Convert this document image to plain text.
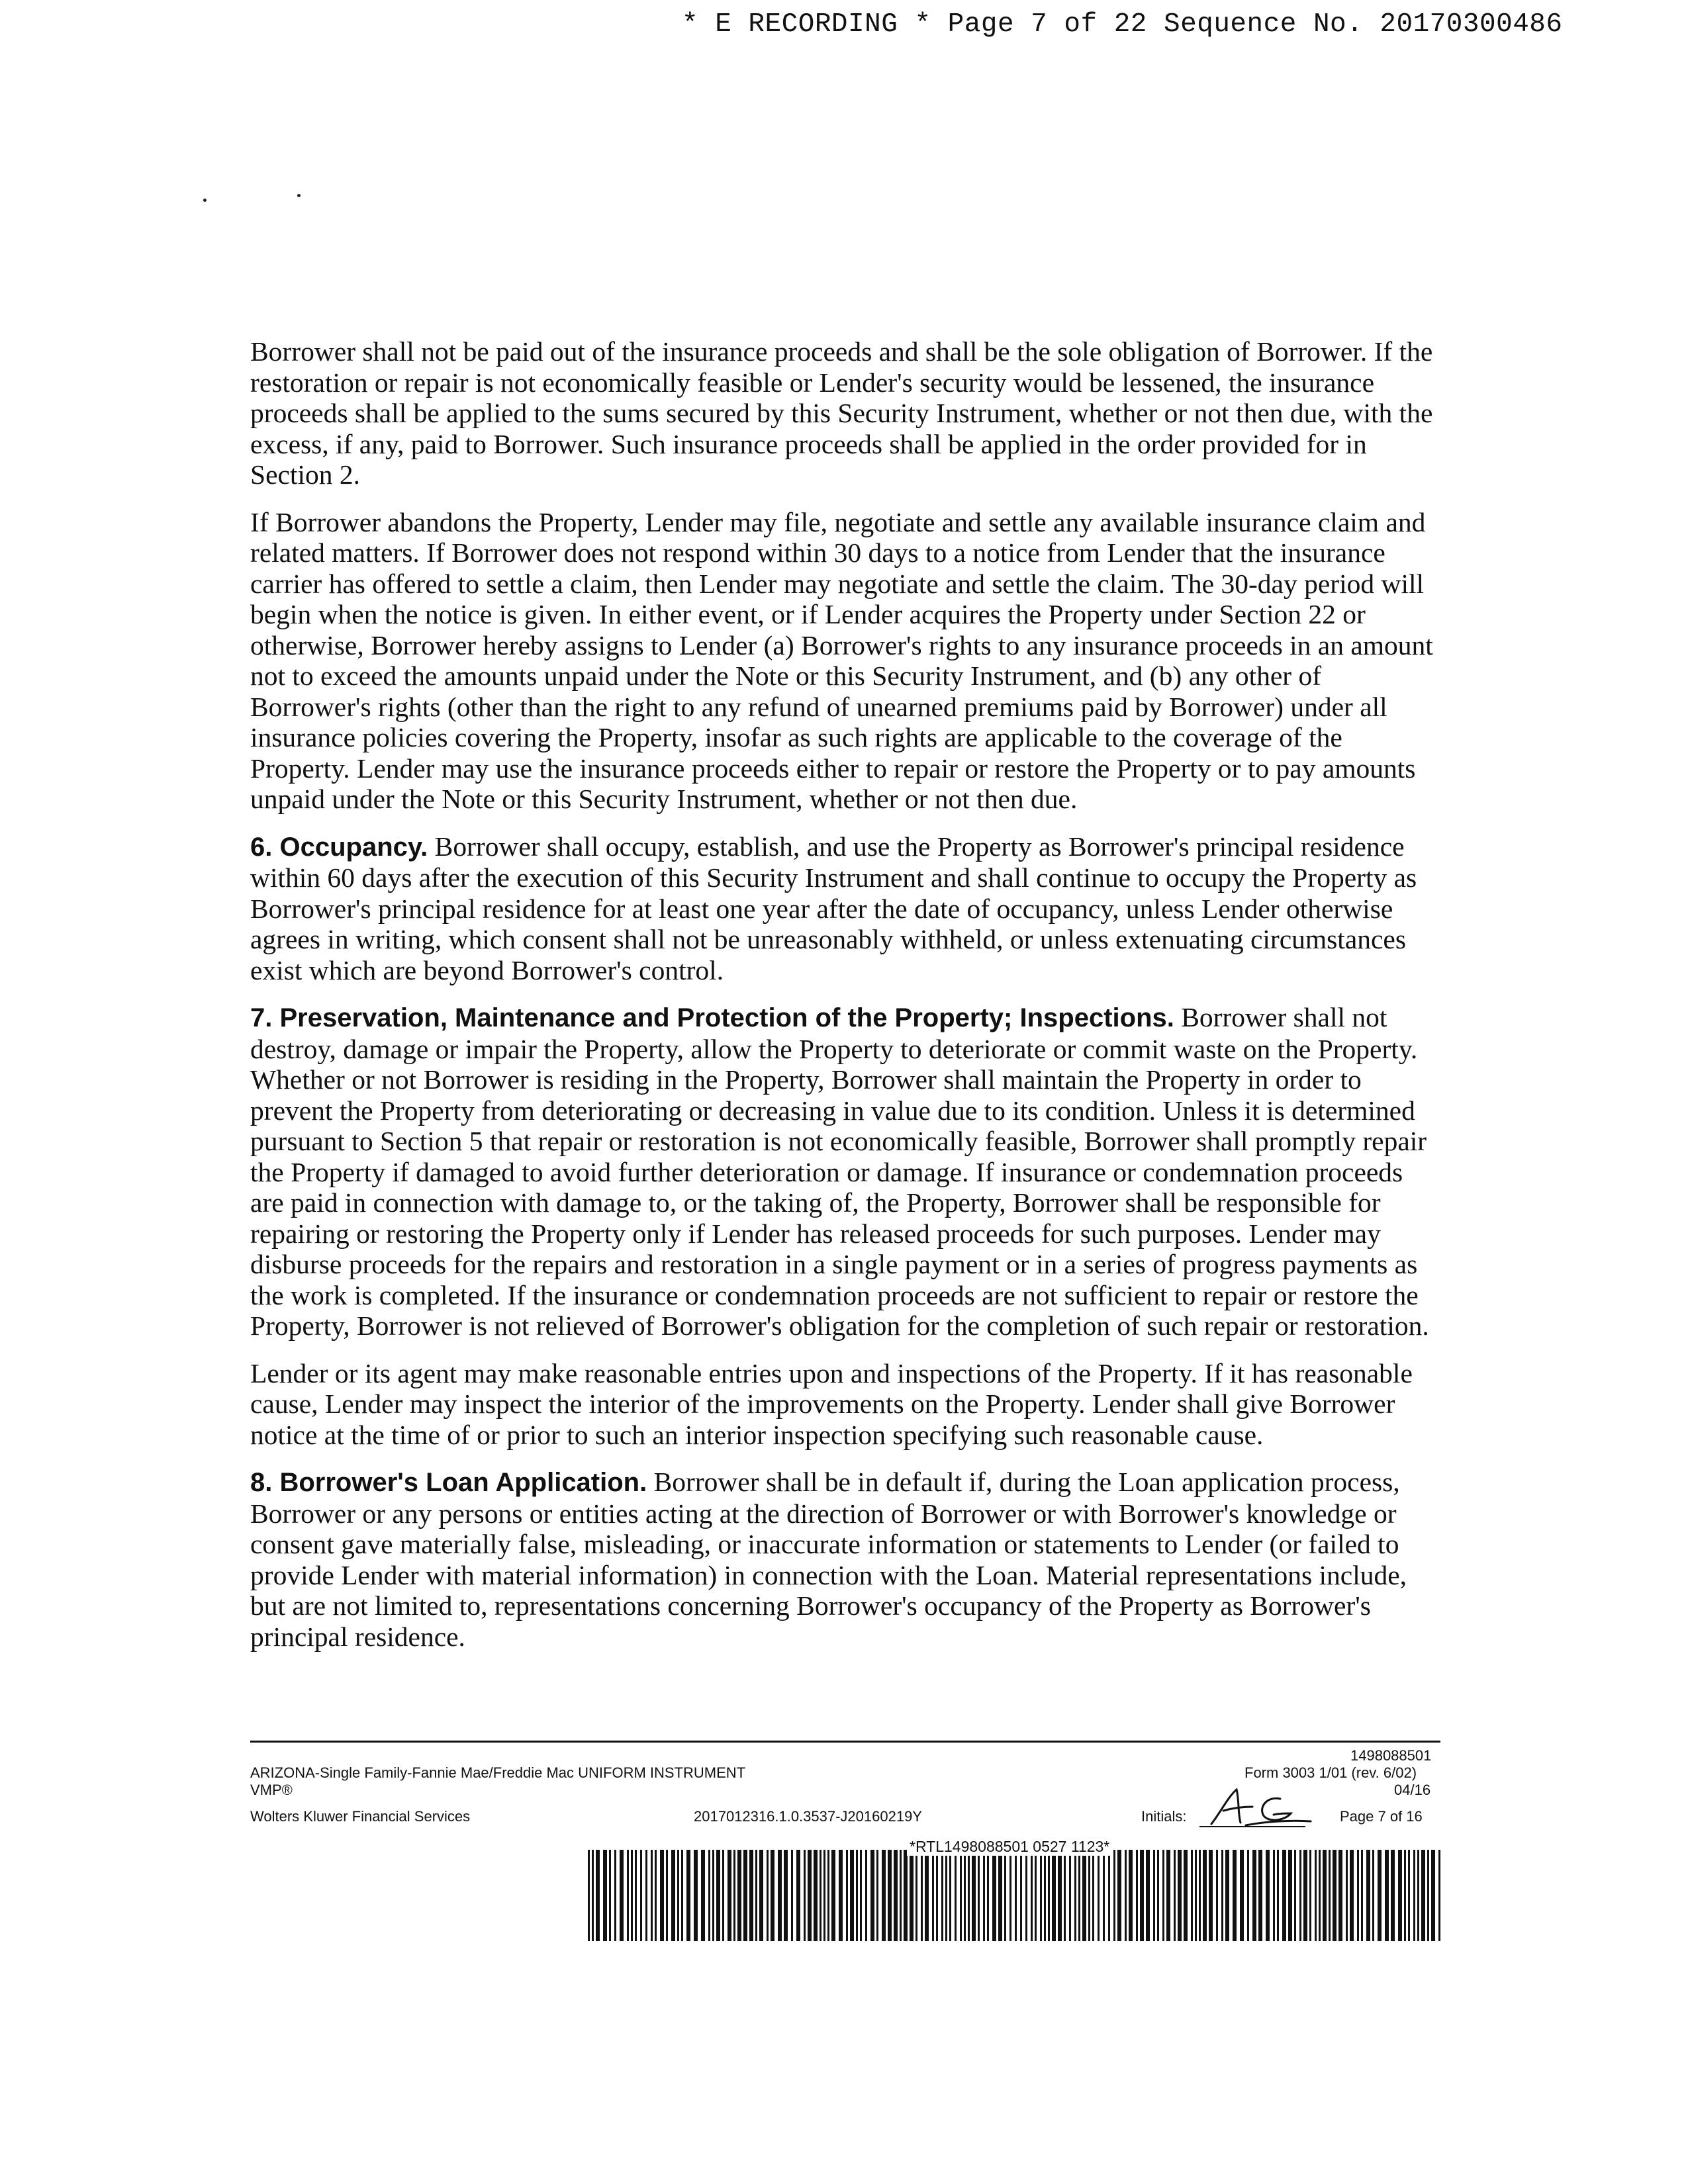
* E RECORDING * Page 7 of 22 Sequence No. 20170300486

Borrower shall not be paid out of the insurance proceeds and shall be the sole obligation of Borrower. If the restoration or repair is not economically feasible or Lender's security would be lessened, the insurance proceeds shall be applied to the sums secured by this Security Instrument, whether or not then due, with the excess, if any, paid to Borrower. Such insurance proceeds shall be applied in the order provided for in Section 2.

If Borrower abandons the Property, Lender may file, negotiate and settle any available insurance claim and related matters. If Borrower does not respond within 30 days to a notice from Lender that the insurance carrier has offered to settle a claim, then Lender may negotiate and settle the claim. The 30-day period will begin when the notice is given. In either event, or if Lender acquires the Property under Section 22 or otherwise, Borrower hereby assigns to Lender (a) Borrower's rights to any insurance proceeds in an amount not to exceed the amounts unpaid under the Note or this Security Instrument, and (b) any other of Borrower's rights (other than the right to any refund of unearned premiums paid by Borrower) under all insurance policies covering the Property, insofar as such rights are applicable to the coverage of the Property. Lender may use the insurance proceeds either to repair or restore the Property or to pay amounts unpaid under the Note or this Security Instrument, whether or not then due.

6. Occupancy. Borrower shall occupy, establish, and use the Property as Borrower's principal residence within 60 days after the execution of this Security Instrument and shall continue to occupy the Property as Borrower's principal residence for at least one year after the date of occupancy, unless Lender otherwise agrees in writing, which consent shall not be unreasonably withheld, or unless extenuating circumstances exist which are beyond Borrower's control.

7. Preservation, Maintenance and Protection of the Property; Inspections. Borrower shall not destroy, damage or impair the Property, allow the Property to deteriorate or commit waste on the Property. Whether or not Borrower is residing in the Property, Borrower shall maintain the Property in order to prevent the Property from deteriorating or decreasing in value due to its condition. Unless it is determined pursuant to Section 5 that repair or restoration is not economically feasible, Borrower shall promptly repair the Property if damaged to avoid further deterioration or damage. If insurance or condemnation proceeds are paid in connection with damage to, or the taking of, the Property, Borrower shall be responsible for repairing or restoring the Property only if Lender has released proceeds for such purposes. Lender may disburse proceeds for the repairs and restoration in a single payment or in a series of progress payments as the work is completed. If the insurance or condemnation proceeds are not sufficient to repair or restore the Property, Borrower is not relieved of Borrower's obligation for the completion of such repair or restoration.

Lender or its agent may make reasonable entries upon and inspections of the Property. If it has reasonable cause, Lender may inspect the interior of the improvements on the Property. Lender shall give Borrower notice at the time of or prior to such an interior inspection specifying such reasonable cause.

8. Borrower's Loan Application. Borrower shall be in default if, during the Loan application process, Borrower or any persons or entities acting at the direction of Borrower or with Borrower's knowledge or consent gave materially false, misleading, or inaccurate information or statements to Lender (or failed to provide Lender with material information) in connection with the Loan. Material representations include, but are not limited to, representations concerning Borrower's occupancy of the Property as Borrower's principal residence.

1498088501
ARIZONA-Single Family-Fannie Mae/Freddie Mac UNIFORM INSTRUMENT	Form 3003 1/01 (rev. 6/02)
VMP®	04/16
Wolters Kluwer Financial Services	2017012316.1.0.3537-J20160219Y	Initials:	Page 7 of 16
*RTL1498088501 0527 1123*
